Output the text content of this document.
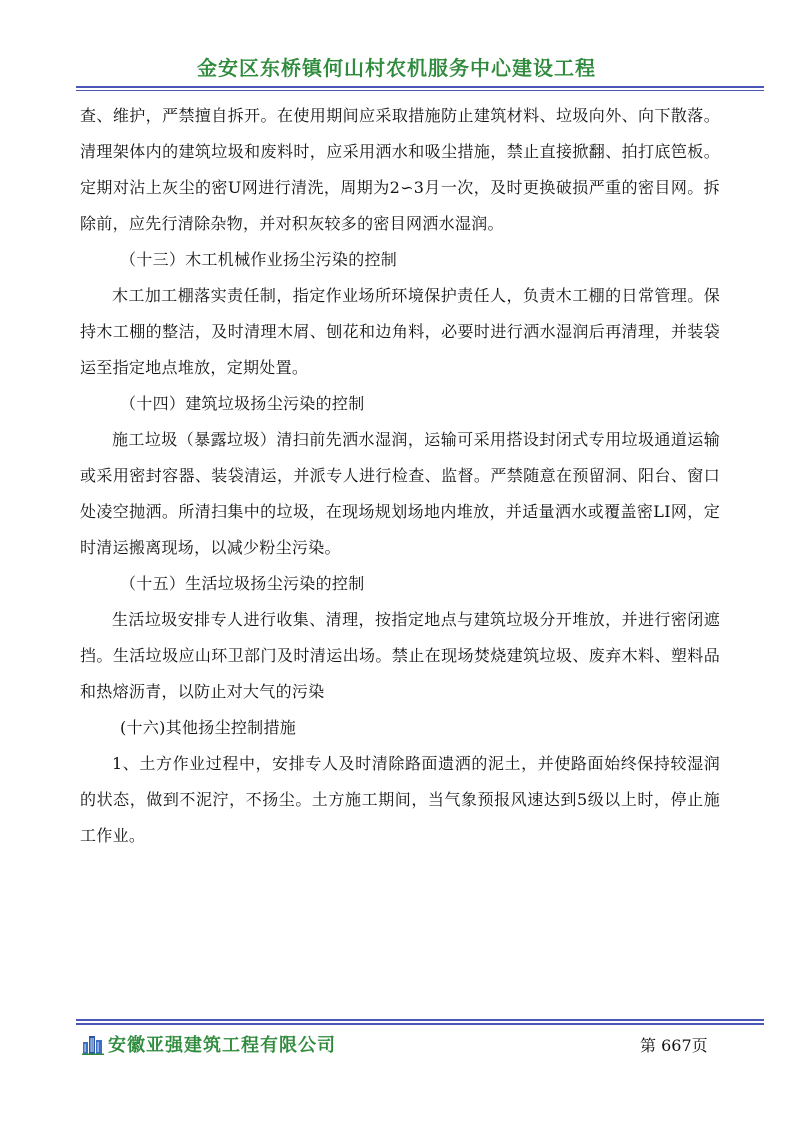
金安区东桥镇何山村农机服务中心建设工程

查、维护，严禁擅自拆开。在使用期间应采取措施防止建筑材料、垃圾向外、向下散落。清理架体内的建筑垃圾和废料时，应采用洒水和吸尘措施，禁止直接掀翻、拍打底笆板。定期对沾上灰尘的密U网进行清洗，周期为2∽3月一次，及时更换破损严重的密目网。拆除前，应先行清除杂物，并对积灰较多的密目网洒水湿润。

（十三）木工机械作业扬尘污染的控制

木工加工棚落实责任制，指定作业场所环境保护责任人，负责木工棚的日常管理。保持木工棚的整洁，及时清理木屑、刨花和边角料，必要时进行洒水湿润后再清理，并装袋运至指定地点堆放，定期处置。

（十四）建筑垃圾扬尘污染的控制

施工垃圾（暴露垃圾）清扫前先洒水湿润，运输可采用搭设封闭式专用垃圾通道运输或采用密封容器、装袋清运，并派专人进行检查、监督。严禁随意在预留洞、阳台、窗口处凌空抛洒。所清扫集中的垃圾，在现场规划场地内堆放，并适量洒水或覆盖密LI网，定时清运搬离现场，以减少粉尘污染。

（十五）生活垃圾扬尘污染的控制

生活垃圾安排专人进行收集、清理，按指定地点与建筑垃圾分开堆放，并进行密闭遮挡。生活垃圾应山环卫部门及时清运出场。禁止在现场焚烧建筑垃圾、废弃木料、塑料品和热熔沥青，以防止对大气的污染

(十六)其他扬尘控制措施

1、土方作业过程中，安排专人及时清除路面遗洒的泥土，并使路面始终保持较湿润的状态，做到不泥泞，不扬尘。土方施工期间，当气象预报风速达到5级以上时，停止施工作业。

安徽亚强建筑工程有限公司	第 667页
